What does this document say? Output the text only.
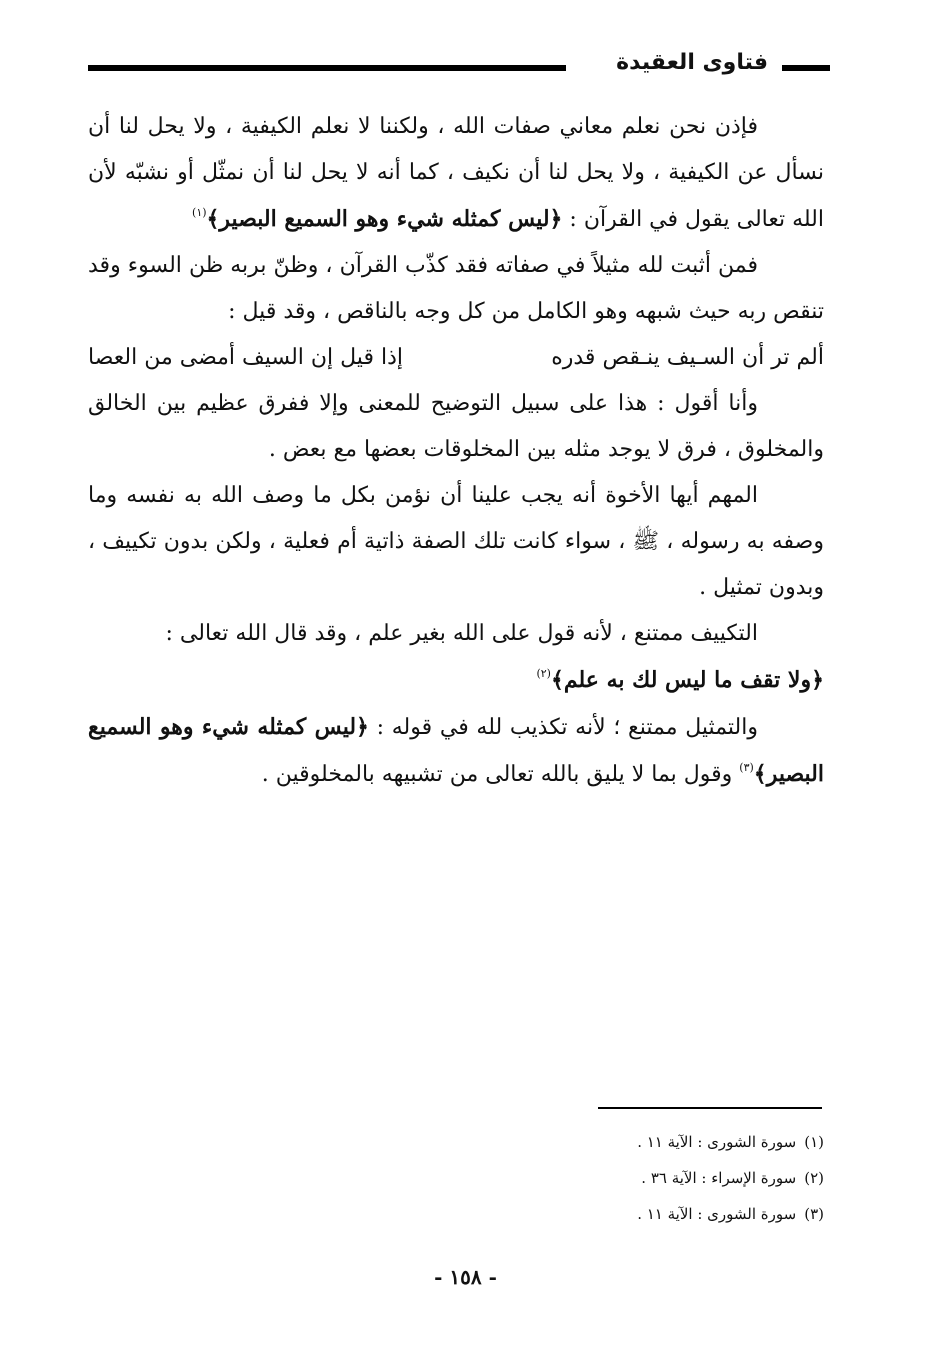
فتاوى العقيدة

فإذن نحن نعلم معاني صفات الله ، ولكننا لا نعلم الكيفية ، ولا يحل لنا أن نسأل عن الكيفية ، ولا يحل لنا أن نكيف ، كما أنه لا يحل لنا أن نمثّل أو نشبّه لأن الله تعالى يقول في القرآن : ﴿ليس كمثله شيء وهو السميع البصير﴾$^{(١)}$

فمن أثبت لله مثيلاً في صفاته فقد كذّب القرآن ، وظنّ بربه ظن السوء وقد تنقص ربه حيث شبهه وهو الكامل من كل وجه بالناقص ، وقد قيل :

ألم تر أن السـيف ينـقص قدره
إذا قيل إن السيف أمضى من العصا

وأنا أقول : هذا على سبيل التوضيح للمعنى وإلا ففرق عظيم بين الخالق والمخلوق ، فرق لا يوجد مثله بين المخلوقات بعضها مع بعض .

المهم أيها الأخوة أنه يجب علينا أن نؤمن بكل ما وصف الله به نفسه وما وصفه به رسوله ، ﷺ ، سواء كانت تلك الصفة ذاتية أم فعلية ، ولكن بدون تكييف ، وبدون تمثيل .

التكييف ممتنع ، لأنه قول على الله بغير علم ، وقد قال الله تعالى :

﴿ولا تقف ما ليس لك به علم﴾$^{(٢)}$

والتمثيل ممتنع ؛ لأنه تكذيب لله في قوله : ﴿ليس كمثله شيء وهو السميع البصير﴾$^{(٣)}$ وقول بما لا يليق بالله تعالى من تشبيهه بالمخلوقين .

(١)سورة الشورى : الآية ١١ .
(٢)سورة الإسراء : الآية ٣٦ .
(٣)سورة الشورى : الآية ١١ .
- ١٥٨ -
